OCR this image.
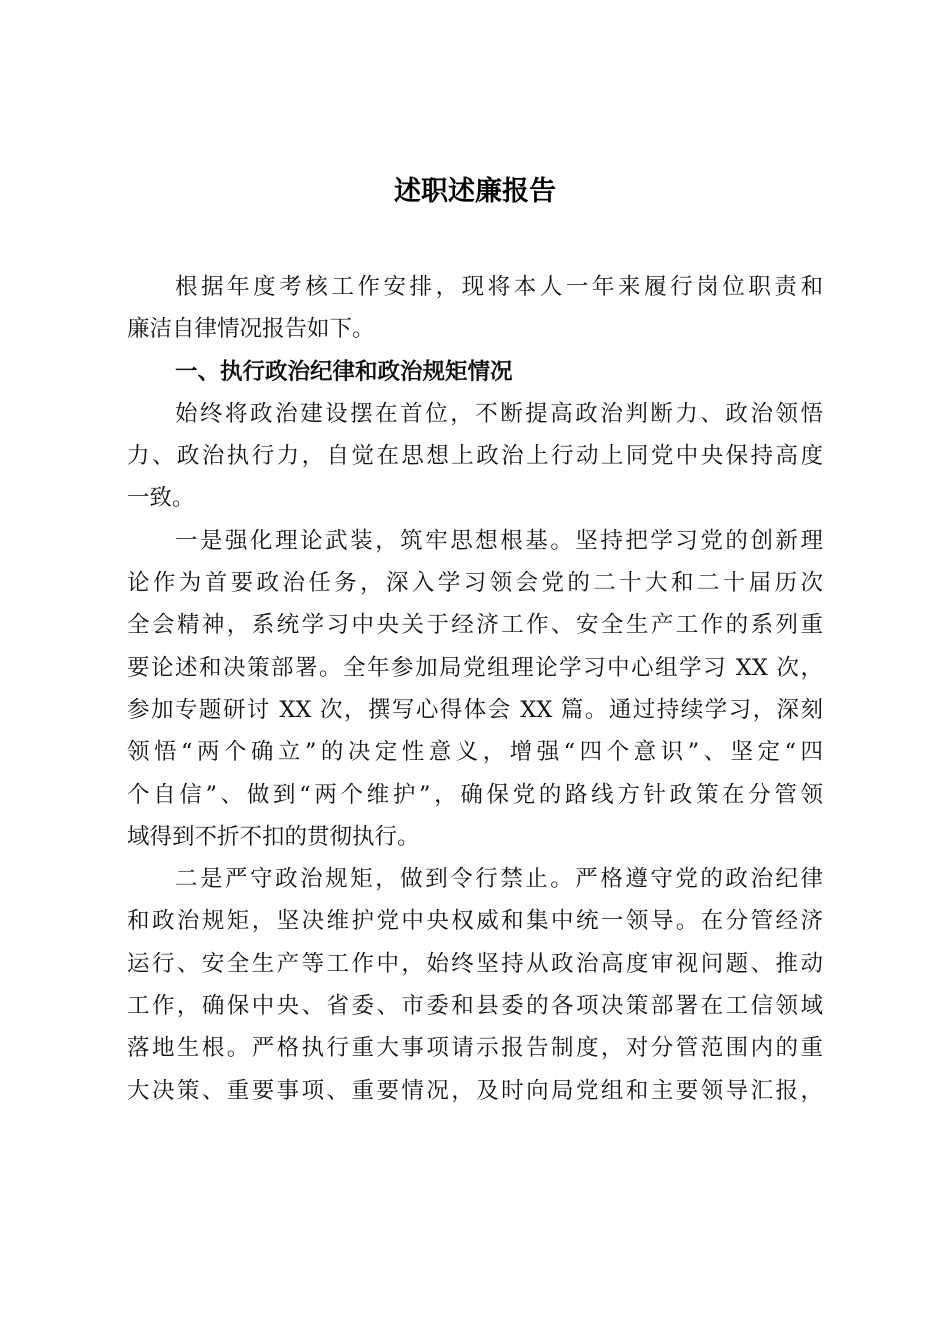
述职述廉报告
根据年度考核工作安排，现将本人一年来履行岗位职责和
廉洁自律情况报告如下。
一、执行政治纪律和政治规矩情况
始终将政治建设摆在首位，不断提高政治判断力、政治领悟
力、政治执行力，自觉在思想上政治上行动上同党中央保持高度
一致。
一是强化理论武装，筑牢思想根基。坚持把学习党的创新理
论作为首要政治任务，深入学习领会党的二十大和二十届历次
全会精神，系统学习中央关于经济工作、安全生产工作的系列重
要论述和决策部署。全年参加局党组理论学习中心组学习 XX 次，
参加专题研讨 XX 次，撰写心得体会 XX 篇。通过持续学习，深刻
领悟“两个确立”的决定性意义，增强“四个意识”、坚定“四
个自信”、做到“两个维护”，确保党的路线方针政策在分管领
域得到不折不扣的贯彻执行。
二是严守政治规矩，做到令行禁止。严格遵守党的政治纪律
和政治规矩，坚决维护党中央权威和集中统一领导。在分管经济
运行、安全生产等工作中，始终坚持从政治高度审视问题、推动
工作，确保中央、省委、市委和县委的各项决策部署在工信领域
落地生根。严格执行重大事项请示报告制度，对分管范围内的重
大决策、重要事项、重要情况，及时向局党组和主要领导汇报，
